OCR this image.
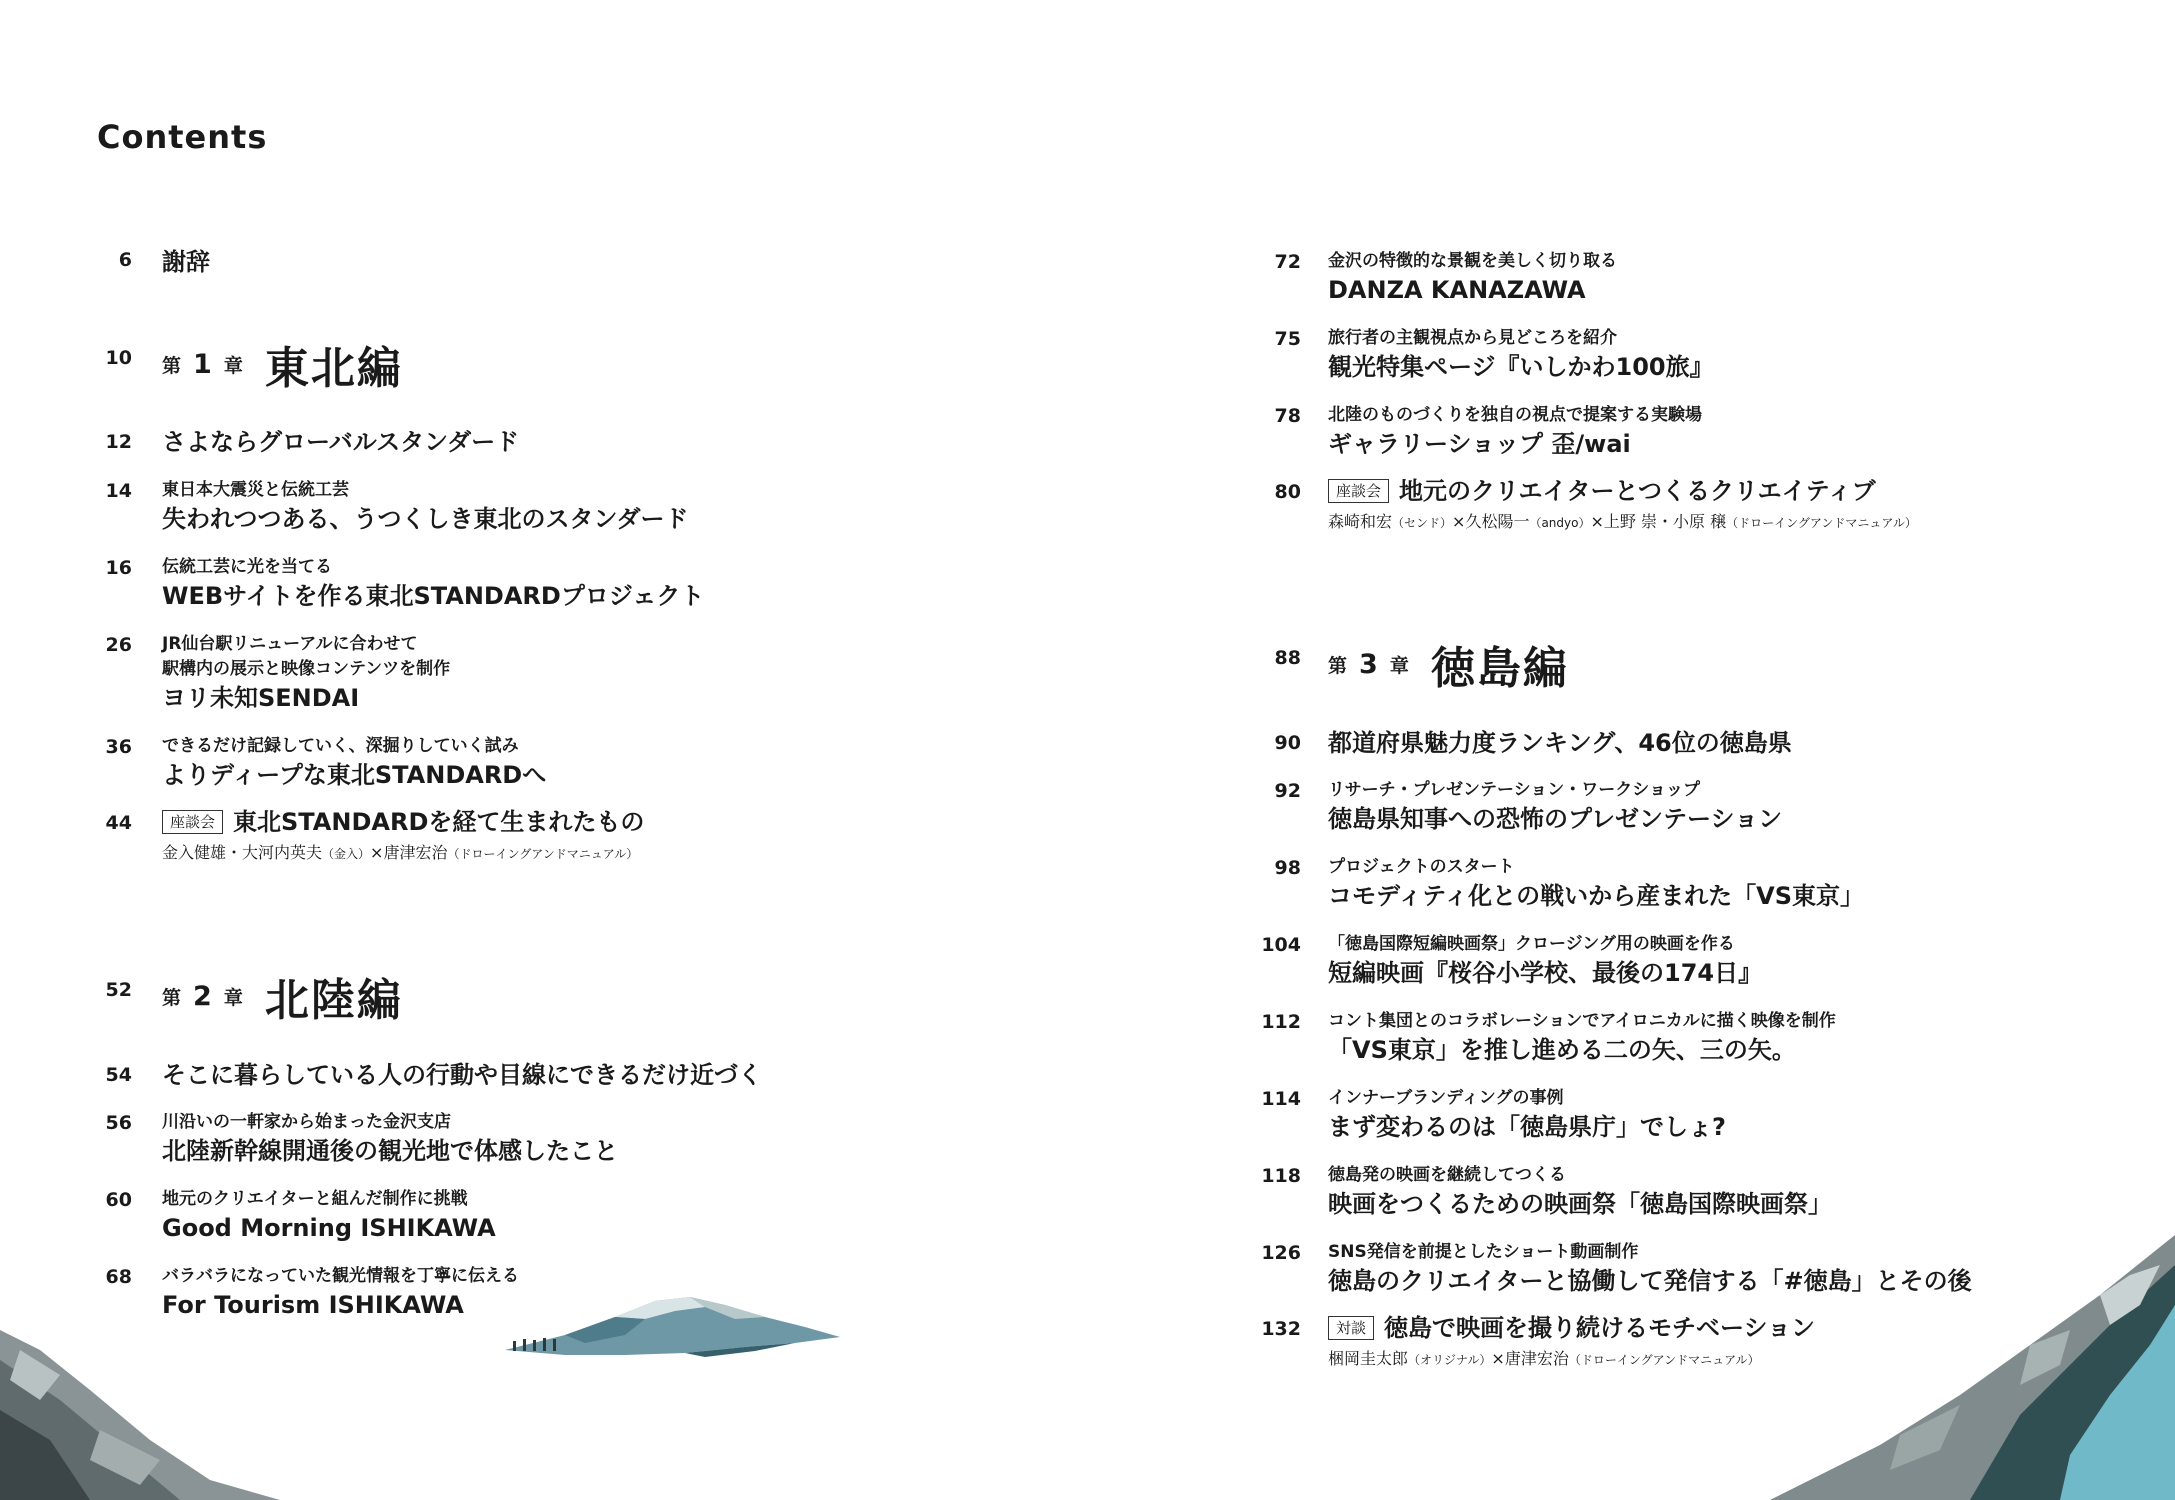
Contents
6 謝辞
10 第 1 章 東北編
12 さよならグローバルスタンダード
14 東日本大震災と伝統工芸
失われつつある、うつくしき東北のスタンダード
16 伝統工芸に光を当てる
WEBサイトを作る東北STANDARDプロジェクト
26 JR仙台駅リニューアルに合わせて
駅構内の展示と映像コンテンツを制作
ヨリ未知SENDAI
36 できるだけ記録していく、深掘りしていく試み
よりディープな東北STANDARDへ
44	座談会 東北STANDARDを経て生まれたもの
金入健雄・大河内英夫（金入）×唐津宏治（ドローイングアンドマニュアル）
52 第 2 章 北陸編
54 そこに暮らしている人の行動や目線にできるだけ近づく
56 川沿いの一軒家から始まった金沢支店
北陸新幹線開通後の観光地で体感したこと
60 地元のクリエイターと組んだ制作に挑戦
Good Morning ISHIKAWA
68 バラバラになっていた観光情報を丁寧に伝える
For Tourism ISHIKAWA
72 金沢の特徴的な景観を美しく切り取る
DANZA KANAZAWA
75 旅行者の主観視点から見どころを紹介
観光特集ページ『いしかわ100旅』
78 北陸のものづくりを独自の視点で提案する実験場
ギャラリーショップ 歪/wai
80	座談会 地元のクリエイターとつくるクリエイティブ
森崎和宏（センド）×久松陽一（andyo）×上野 崇・小原 穣（ドローイングアンドマニュアル）
88 第 3 章 徳島編
90 都道府県魅力度ランキング、46位の徳島県
92 リサーチ・プレゼンテーション・ワークショップ
徳島県知事への恐怖のプレゼンテーション
98 プロジェクトのスタート
コモディティ化との戦いから産まれた「VS東京」
104 「徳島国際短編映画祭」クロージング用の映画を作る
短編映画『桜谷小学校、最後の174日』
112 コント集団とのコラボレーションでアイロニカルに描く映像を制作
「VS東京」を推し進める二の矢、三の矢。
114 インナーブランディングの事例
まず変わるのは「徳島県庁」でしょ?
118 徳島発の映画を継続してつくる
映画をつくるための映画祭「徳島国際映画祭」
126 SNS発信を前提としたショート動画制作
徳島のクリエイターと協働して発信する「#徳島」とその後
132	対談 徳島で映画を撮り続けるモチベーション
梱岡圭太郎（オリジナル）×唐津宏治（ドローイングアンドマニュアル）
